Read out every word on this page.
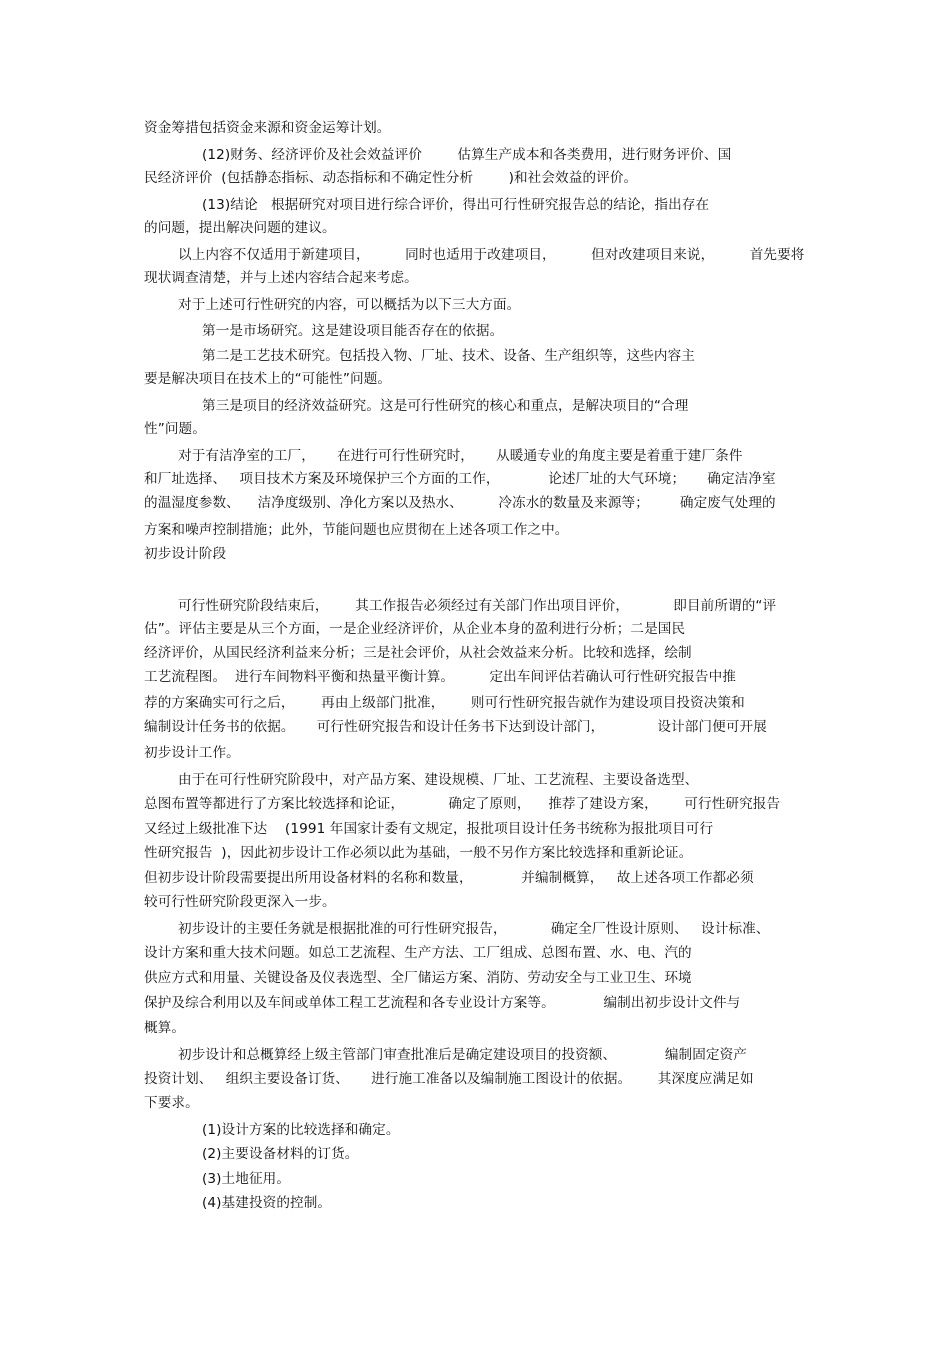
资金筹措包括资金来源和资金运筹计划。
(12)财务、经济评价及社会效益评价        估算生产成本和各类费用，进行财务评价、国
民经济评价  (包括静态指标、动态指标和不确定性分析        )和社会效益的评价。
(13)结论   根据研究对项目进行综合评价，得出可行性研究报告总的结论，指出存在
的问题，提出解决问题的建议。
以上内容不仅适用于新建项目，        同时也适用于改建项目，        但对改建项目来说，        首先要将
现状调查清楚，并与上述内容结合起来考虑。
对于上述可行性研究的内容，可以概括为以下三大方面。
第一是市场研究。这是建设项目能否存在的依据。
第二是工艺技术研究。包括投入物、厂址、技术、设备、生产组织等，这些内容主
要是解决项目在技术上的“可能性”问题。
第三是项目的经济效益研究。这是可行性研究的核心和重点，是解决项目的“合理
性”问题。
对于有洁净室的工厂，     在进行可行性研究时，     从暖通专业的角度主要是着重于建厂条件
和厂址选择、   项目技术方案及环境保护三个方面的工作，           论述厂址的大气环境；     确定洁净室
的温湿度参数、    洁净度级别、净化方案以及热水、        冷冻水的数量及来源等；       确定废气处理的
方案和噪声控制措施；此外，节能问题也应贯彻在上述各项工作之中。
初步设计阶段
可行性研究阶段结束后，      其工作报告必须经过有关部门作出项目评价，          即目前所谓的“评
估”。评估主要是从三个方面，一是企业经济评价，从企业本身的盈利进行分析；二是国民
经济评价，从国民经济利益来分析；三是社会评价，从社会效益来分析。比较和选择，绘制
工艺流程图。  进行车间物料平衡和热量平衡计算。        定出车间评估若确认可行性研究报告中推
荐的方案确实可行之后，      再由上级部门批准，      则可行性研究报告就作为建设项目投资决策和
编制设计任务书的依据。     可行性研究报告和设计任务书下达到设计部门，            设计部门便可开展
初步设计工作。
由于在可行性研究阶段中，对产品方案、建设规模、厂址、工艺流程、主要设备选型、
总图布置等都进行了方案比较选择和论证，          确定了原则，    推荐了建设方案，      可行性研究报告
又经过上级批准下达    (1991 年国家计委有文规定，报批项目设计任务书统称为报批项目可行
性研究报告  )，因此初步设计工作必须以此为基础，一般不另作方案比较选择和重新论证。
但初步设计阶段需要提出所用设备材料的名称和数量，           并编制概算，   故上述各项工作都必须
较可行性研究阶段更深入一步。
初步设计的主要任务就是根据批准的可行性研究报告，          确定全厂性设计原则、   设计标准、
设计方案和重大技术问题。如总工艺流程、生产方法、工厂组成、总图布置、水、电、汽的
供应方式和用量、关键设备及仪表选型、全厂储运方案、消防、劳动安全与工业卫生、环境
保护及综合利用以及车间或单体工程工艺流程和各专业设计方案等。           编制出初步设计文件与
概算。
初步设计和总概算经上级主管部门审查批准后是确定建设项目的投资额、           编制固定资产
投资计划、   组织主要设备订货、     进行施工准备以及编制施工图设计的依据。      其深度应满足如
下要求。
(1)设计方案的比较选择和确定。
(2)主要设备材料的订货。
(3)土地征用。
(4)基建投资的控制。
